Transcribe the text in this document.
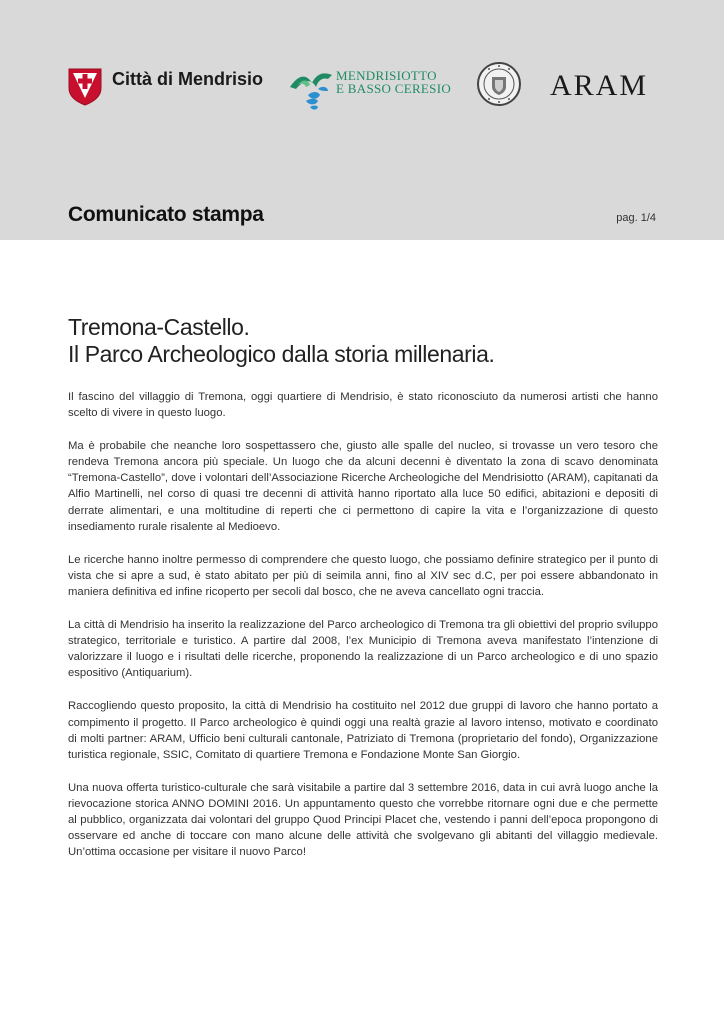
Città di Mendrisio	MENDRISIOTTO
E BASSO CERESIO	ARAM
Comunicato stampa	pag. 1/4
Tremona-Castello.
Il Parco Archeologico dalla storia millenaria.

Il fascino del villaggio di Tremona, oggi quartiere di Mendrisio, è stato riconosciuto da numerosi artisti che hanno scelto di vivere in questo luogo.

Ma è probabile che neanche loro sospettassero che, giusto alle spalle del nucleo, si trovasse un vero tesoro che rendeva Tremona ancora più speciale. Un luogo che da alcuni decenni è diventato la zona di scavo denominata “Tremona-Castello”, dove i volontari dell’Associazione Ricerche Archeologiche del Mendrisiotto (ARAM), capitanati da Alfio Martinelli, nel corso di quasi tre decenni di attività hanno riportato alla luce 50 edifici, abitazioni e depositi di derrate alimentari, e una moltitudine di reperti che ci permettono di capire la vita e l’organizzazione di questo insediamento rurale risalente al Medioevo.

Le ricerche hanno inoltre permesso di comprendere che questo luogo, che possiamo definire strategico per il punto di vista che si apre a sud, è stato abitato per più di seimila anni, fino al XIV sec d.C, per poi essere abbandonato in maniera definitiva ed infine ricoperto per secoli dal bosco, che ne aveva cancellato ogni traccia.

La città di Mendrisio ha inserito la realizzazione del Parco archeologico di Tremona tra gli obiettivi del proprio sviluppo strategico, territoriale e turistico. A partire dal 2008, l’ex Municipio di Tremona aveva manifestato l’intenzione di valorizzare il luogo e i risultati delle ricerche, proponendo la realizzazione di un Parco archeologico e di uno spazio espositivo (Antiquarium).

Raccogliendo questo proposito, la città di Mendrisio ha costituito nel 2012 due gruppi di lavoro che hanno portato a compimento il progetto. Il Parco archeologico è quindi oggi una realtà grazie al lavoro intenso, motivato e coordinato di molti partner: ARAM, Ufficio beni culturali cantonale, Patriziato di Tremona (proprietario del fondo), Organizzazione turistica regionale, SSIC, Comitato di quartiere Tremona e Fondazione Monte San Giorgio.

Una nuova offerta turistico-culturale che sarà visitabile a partire dal 3 settembre 2016, data in cui avrà luogo anche la rievocazione storica ANNO DOMINI 2016. Un appuntamento questo che vorrebbe ritornare ogni due e che permette al pubblico, organizzata dai volontari del gruppo Quod Principi Placet che, vestendo i panni dell’epoca propongono di osservare ed anche di toccare con mano alcune delle attività che svolgevano gli abitanti del villaggio medievale. Un’ottima occasione per visitare il nuovo Parco!
